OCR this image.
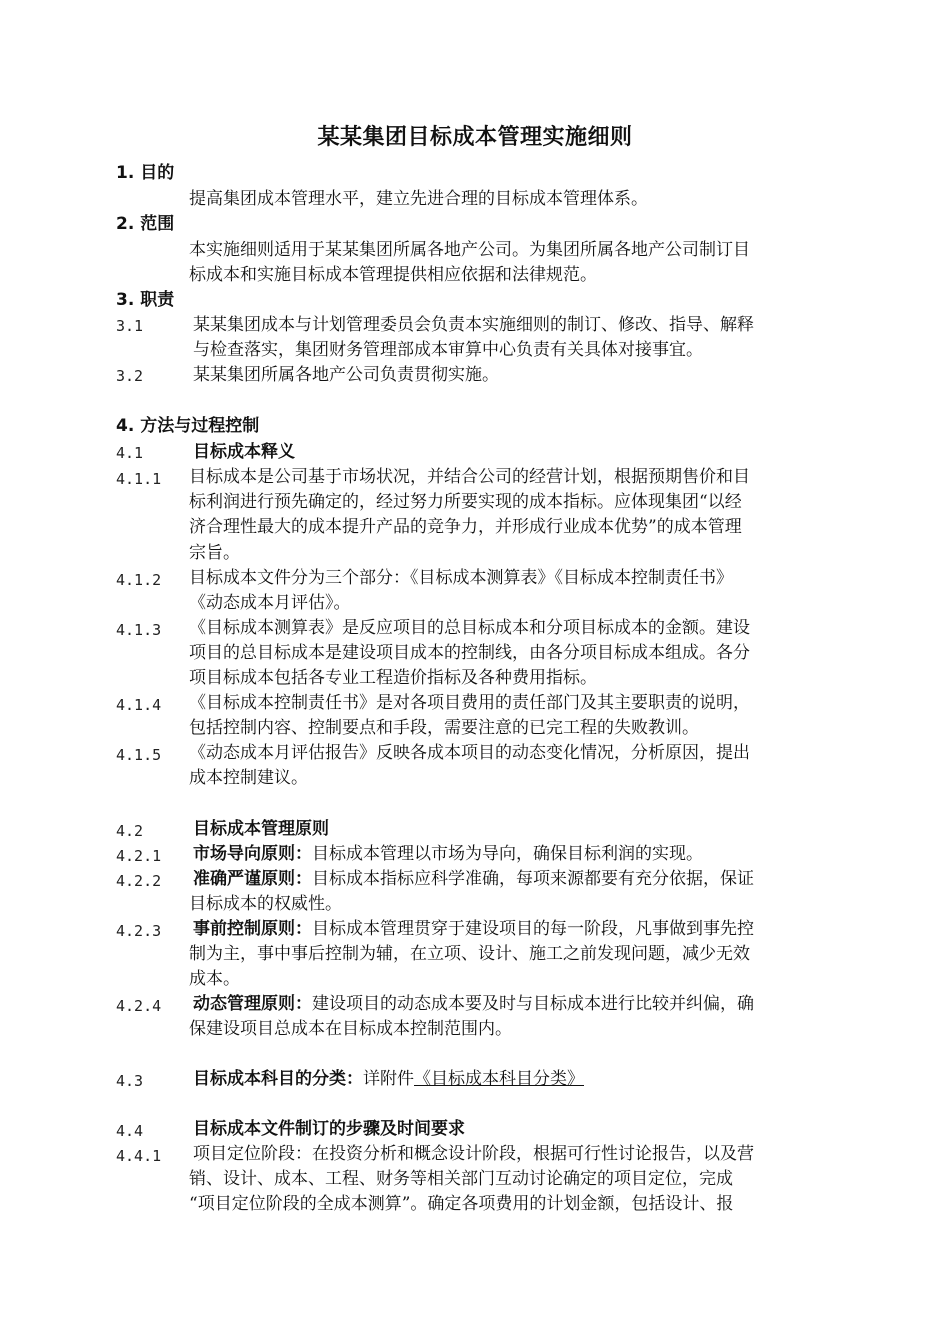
某某集团目标成本管理实施细则
1. 目的
提高集团成本管理水平，建立先进合理的目标成本管理体系。
2. 范围
本实施细则适用于某某集团所属各地产公司。为集团所属各地产公司制订目
标成本和实施目标成本管理提供相应依据和法律规范。
3. 职责
3.1	某某集团成本与计划管理委员会负责本实施细则的制订、修改、指导、解释
与检查落实，集团财务管理部成本审算中心负责有关具体对接事宜。
3.2	某某集团所属各地产公司负责贯彻实施。
4. 方法与过程控制
4.1	目标成本释义
4.1.1 目标成本是公司基于市场状况，并结合公司的经营计划，根据预期售价和目
标利润进行预先确定的，经过努力所要实现的成本指标。应体现集团“以经
济合理性最大的成本提升产品的竞争力，并形成行业成本优势”的成本管理
宗旨。
4.1.2 目标成本文件分为三个部分：《目标成本测算表》《目标成本控制责任书》
《动态成本月评估》。
4.1.3 《目标成本测算表》是反应项目的总目标成本和分项目标成本的金额。建设
项目的总目标成本是建设项目成本的控制线，由各分项目标成本组成。各分
项目标成本包括各专业工程造价指标及各种费用指标。
4.1.4 《目标成本控制责任书》是对各项目费用的责任部门及其主要职责的说明，
包括控制内容、控制要点和手段，需要注意的已完工程的失败教训。
4.1.5 《动态成本月评估报告》反映各成本项目的动态变化情况，分析原因，提出
成本控制建议。
4.2	目标成本管理原则
4.2.1 市场导向原则：目标成本管理以市场为导向，确保目标利润的实现。
4.2.2 准确严谨原则：目标成本指标应科学准确，每项来源都要有充分依据，保证
目标成本的权威性。
4.2.3 事前控制原则：目标成本管理贯穿于建设项目的每一阶段，凡事做到事先控
制为主，事中事后控制为辅，在立项、设计、施工之前发现问题，减少无效
成本。
4.2.4 动态管理原则：建设项目的动态成本要及时与目标成本进行比较并纠偏，确
保建设项目总成本在目标成本控制范围内。
4.3	目标成本科目的分类：详附件《目标成本科目分类》
4.4	目标成本文件制订的步骤及时间要求
4.4.1 项目定位阶段：在投资分析和概念设计阶段，根据可行性讨论报告，以及营
销、设计、成本、工程、财务等相关部门互动讨论确定的项目定位，完成
“项目定位阶段的全成本测算”。确定各项费用的计划金额，包括设计、报
